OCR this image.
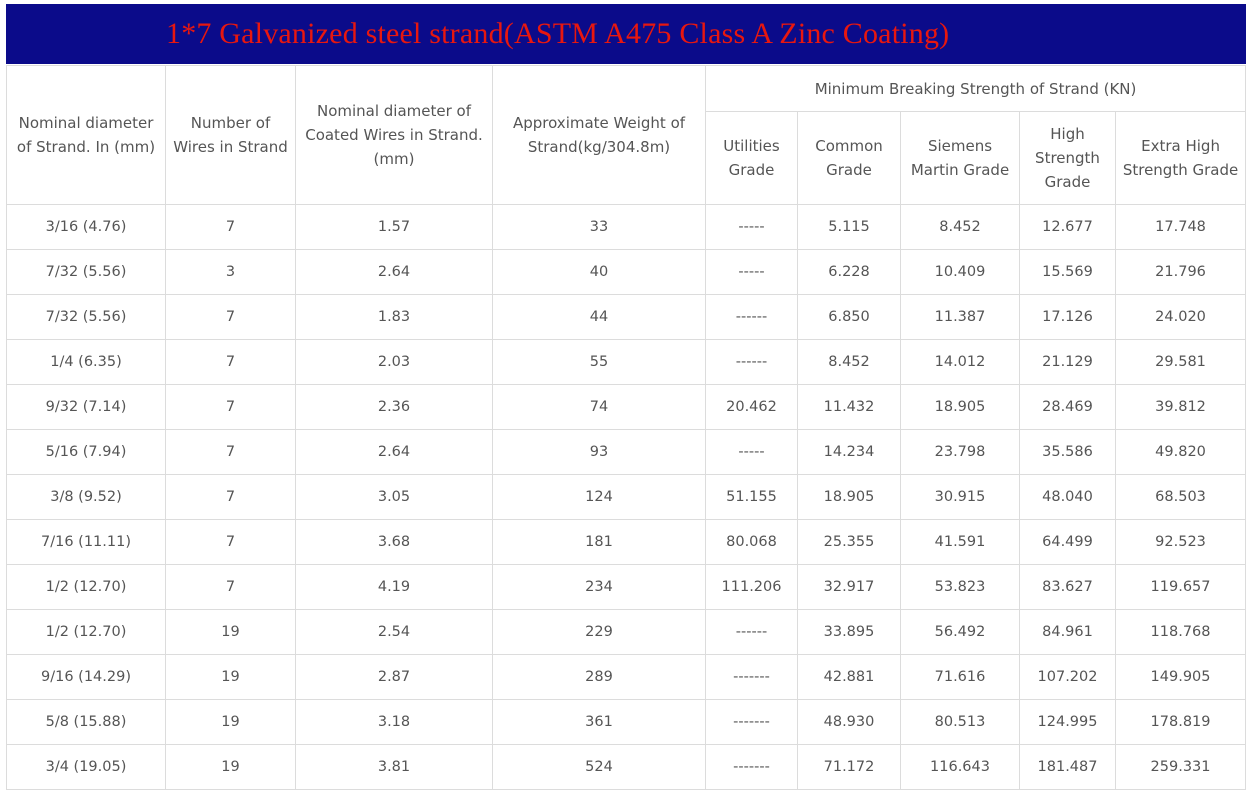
1*7 Galvanized steel strand(ASTM A475 Class A Zinc Coating)
Nominal diameter of Strand. In (mm)	Number of Wires in Strand	Nominal diameter of Coated Wires in Strand. (mm)	Approximate Weight of Strand(kg/304.8m)	Minimum Breaking Strength of Strand (KN)				

				Utilities Grade	Common Grade	Siemens Martin Grade	High Strength Grade	Extra High Strength Grade

3/16 (4.76)	7	1.57	33	-----	5.115	8.452	12.677	17.748
7/32 (5.56)	3	2.64	40	-----	6.228	10.409	15.569	21.796
7/32 (5.56)	7	1.83	44	------	6.850	11.387	17.126	24.020
1/4 (6.35)	7	2.03	55	------	8.452	14.012	21.129	29.581
9/32 (7.14)	7	2.36	74	20.462	11.432	18.905	28.469	39.812
5/16 (7.94)	7	2.64	93	-----	14.234	23.798	35.586	49.820
3/8 (9.52)	7	3.05	124	51.155	18.905	30.915	48.040	68.503
7/16 (11.11)	7	3.68	181	80.068	25.355	41.591	64.499	92.523
1/2 (12.70)	7	4.19	234	111.206	32.917	53.823	83.627	119.657
1/2 (12.70)	19	2.54	229	------	33.895	56.492	84.961	118.768
9/16 (14.29)	19	2.87	289	-------	42.881	71.616	107.202	149.905
5/8 (15.88)	19	3.18	361	-------	48.930	80.513	124.995	178.819
3/4 (19.05)	19	3.81	524	-------	71.172	116.643	181.487	259.331
